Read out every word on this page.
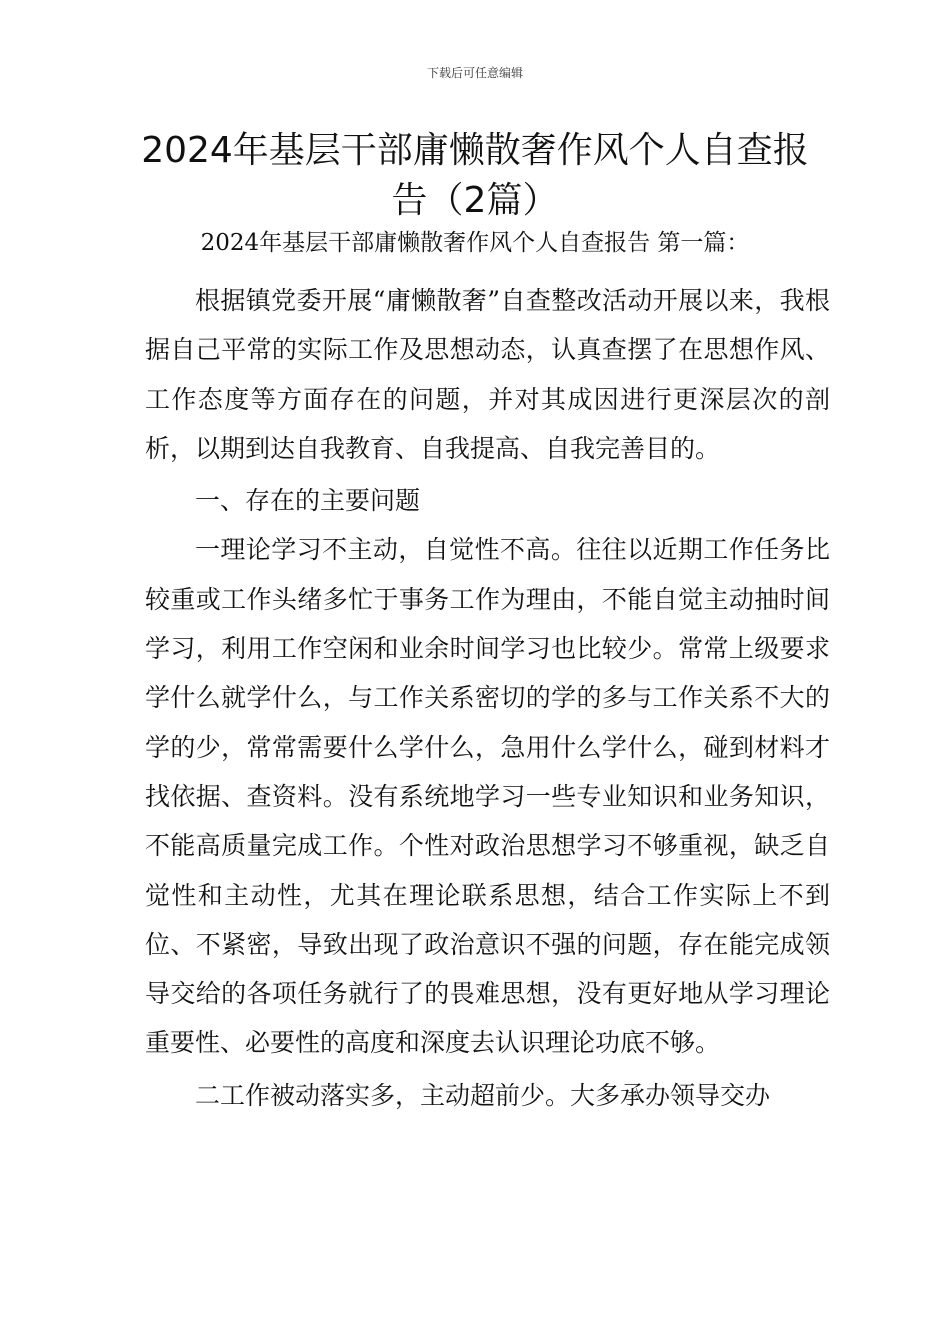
下载后可任意编辑
2024年基层干部庸懒散奢作风个人自查报告（2篇）
2024年基层干部庸懒散奢作风个人自查报告 第一篇：

根据镇党委开展“庸懒散奢”自查整改活动开展以来，我根据自己平常的实际工作及思想动态，认真查摆了在思想作风、工作态度等方面存在的问题，并对其成因进行更深层次的剖析，以期到达自我教育、自我提高、自我完善目的。

一、存在的主要问题

一理论学习不主动，自觉性不高。往往以近期工作任务比较重或工作头绪多忙于事务工作为理由，不能自觉主动抽时间学习，利用工作空闲和业余时间学习也比较少。常常上级要求学什么就学什么，与工作关系密切的学的多与工作关系不大的学的少，常常需要什么学什么，急用什么学什么，碰到材料才找依据、查资料。没有系统地学习一些专业知识和业务知识，不能高质量完成工作。个性对政治思想学习不够重视，缺乏自觉性和主动性，尤其在理论联系思想，结合工作实际上不到位、不紧密，导致出现了政治意识不强的问题，存在能完成领导交给的各项任务就行了的畏难思想，没有更好地从学习理论重要性、必要性的高度和深度去认识理论功底不够。

二工作被动落实多，主动超前少。大多承办领导交办
